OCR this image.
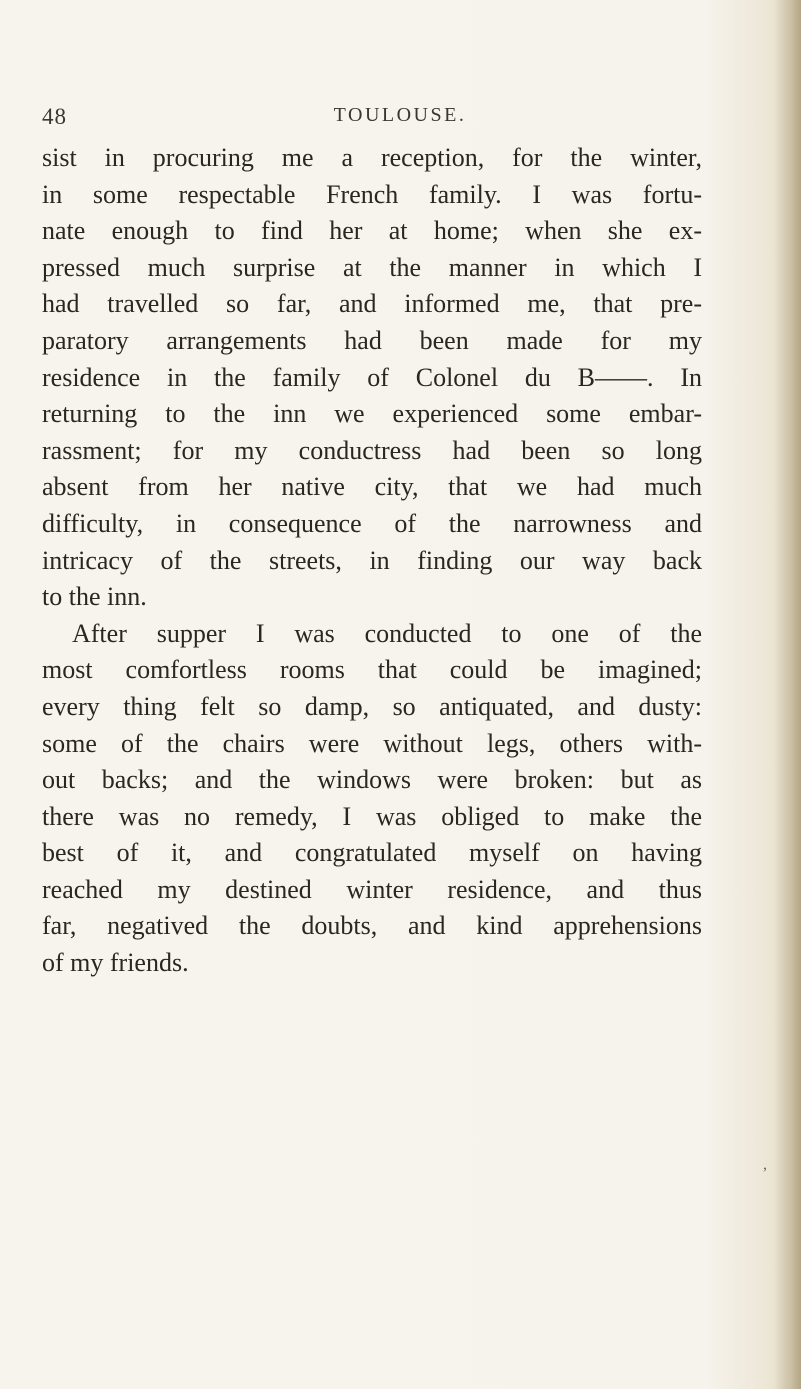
48	TOULOUSE.
sist in procuring me a reception, for the winter,
in some respectable French family. I was fortu-
nate enough to find her at home; when she ex-
pressed much surprise at the manner in which I
had travelled so far, and informed me, that pre-
paratory arrangements had been made for my
residence in the family of Colonel du B——. In
returning to the inn we experienced some embar-
rassment; for my conductress had been so long
absent from her native city, that we had much
difficulty, in consequence of the narrowness and
intricacy of the streets, in finding our way back
to the inn.
After supper I was conducted to one of the
most comfortless rooms that could be imagined;
every thing felt so damp, so antiquated, and dusty:
some of the chairs were without legs, others with-
out backs; and the windows were broken: but as
there was no remedy, I was obliged to make the
best of it, and congratulated myself on having
reached my destined winter residence, and thus
far, negatived the doubts, and kind apprehensions
of my friends.
,
